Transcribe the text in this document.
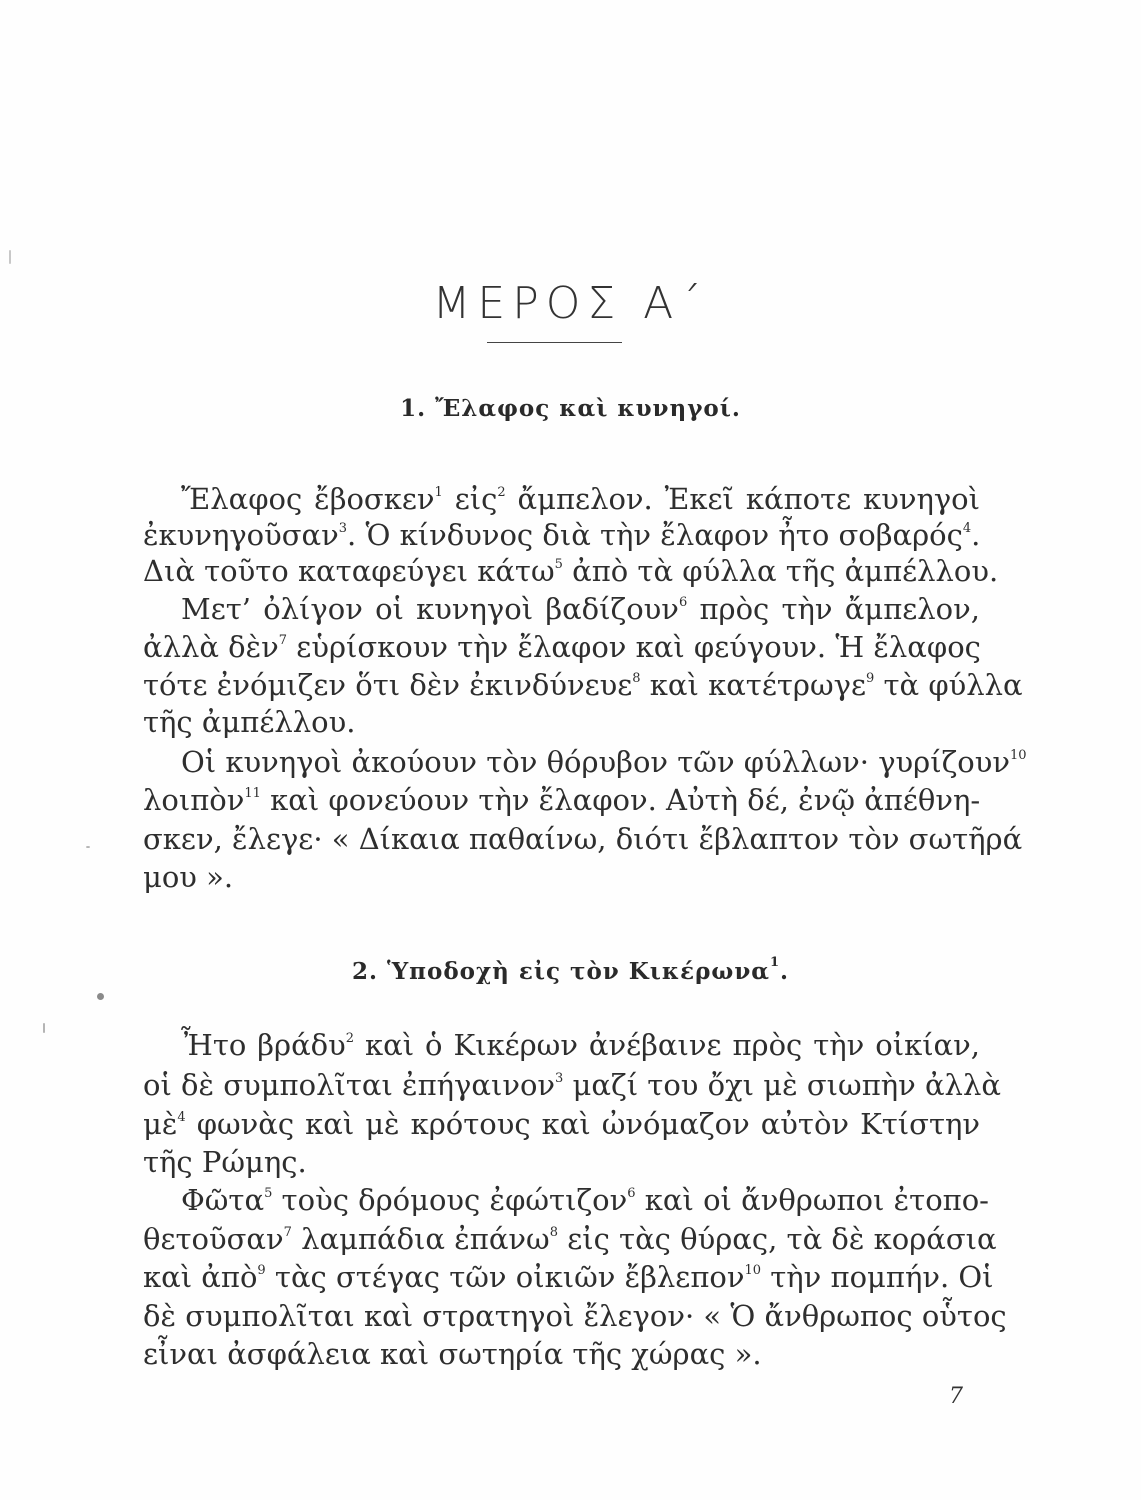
ΜΕΡΟΣ Α΄
1. Ἔλαφος καὶ κυνηγοί.
Ἔλαφος ἔβοσκεν$^1$ εἰς$^2$ ἄμπελον. Ἐκεῖ κάποτε κυνηγοὶ
ἐκυνηγοῦσαν$^3$. Ὁ κίνδυνος διὰ τὴν ἔλαφον ἦτο σοβαρός$^4$.
Διὰ τοῦτο καταφεύγει κάτω$^5$ ἀπὸ τὰ φύλλα τῆς ἀμπέλλου.
Μετ’ ὀλίγον οἱ κυνηγοὶ βαδίζουν$^6$ πρὸς τὴν ἄμπελον,
ἀλλὰ δὲν$^7$ εὑρίσκουν τὴν ἔλαφον καὶ φεύγουν. Ἡ ἔλαφος
τότε ἐνόμιζεν ὅτι δὲν ἐκινδύνευε$^8$ καὶ κατέτρωγε$^9$ τὰ φύλλα
τῆς ἀμπέλλου.
Οἱ κυνηγοὶ ἀκούουν τὸν θόρυβον τῶν φύλλων· γυρίζουν$^{10}$
λοιπὸν$^{11}$ καὶ φονεύουν τὴν ἔλαφον. Αὐτὴ δέ, ἐνῷ ἀπέθνη-
σκεν, ἔλεγε· « Δίκαια παθαίνω, διότι ἔβλαπτον τὸν σωτῆρά
μου ».
2. Ὑποδοχὴ εἰς τὸν Κικέρωνα$^1$.
Ἦτο βράδυ$^2$ καὶ ὁ Κικέρων ἀνέβαινε πρὸς τὴν οἰκίαν,
οἱ δὲ συμπολῖται ἐπήγαινον$^3$ μαζί του ὄχι μὲ σιωπὴν ἀλλὰ
μὲ$^4$ φωνὰς καὶ μὲ κρότους καὶ ὠνόμαζον αὐτὸν Κτίστην
τῆς Ρώμης.
Φῶτα$^5$ τοὺς δρόμους ἐφώτιζον$^6$ καὶ οἱ ἄνθρωποι ἐτοπο-
θετοῦσαν$^7$ λαμπάδια ἐπάνω$^8$ εἰς τὰς θύρας, τὰ δὲ κοράσια
καὶ ἀπὸ$^9$ τὰς στέγας τῶν οἰκιῶν ἔβλεπον$^{10}$ τὴν πομπήν. Οἱ
δὲ συμπολῖται καὶ στρατηγοὶ ἔλεγον· « Ὁ ἄνθρωπος οὗτος
εἶναι ἀσφάλεια καὶ σωτηρία τῆς χώρας ».
7
